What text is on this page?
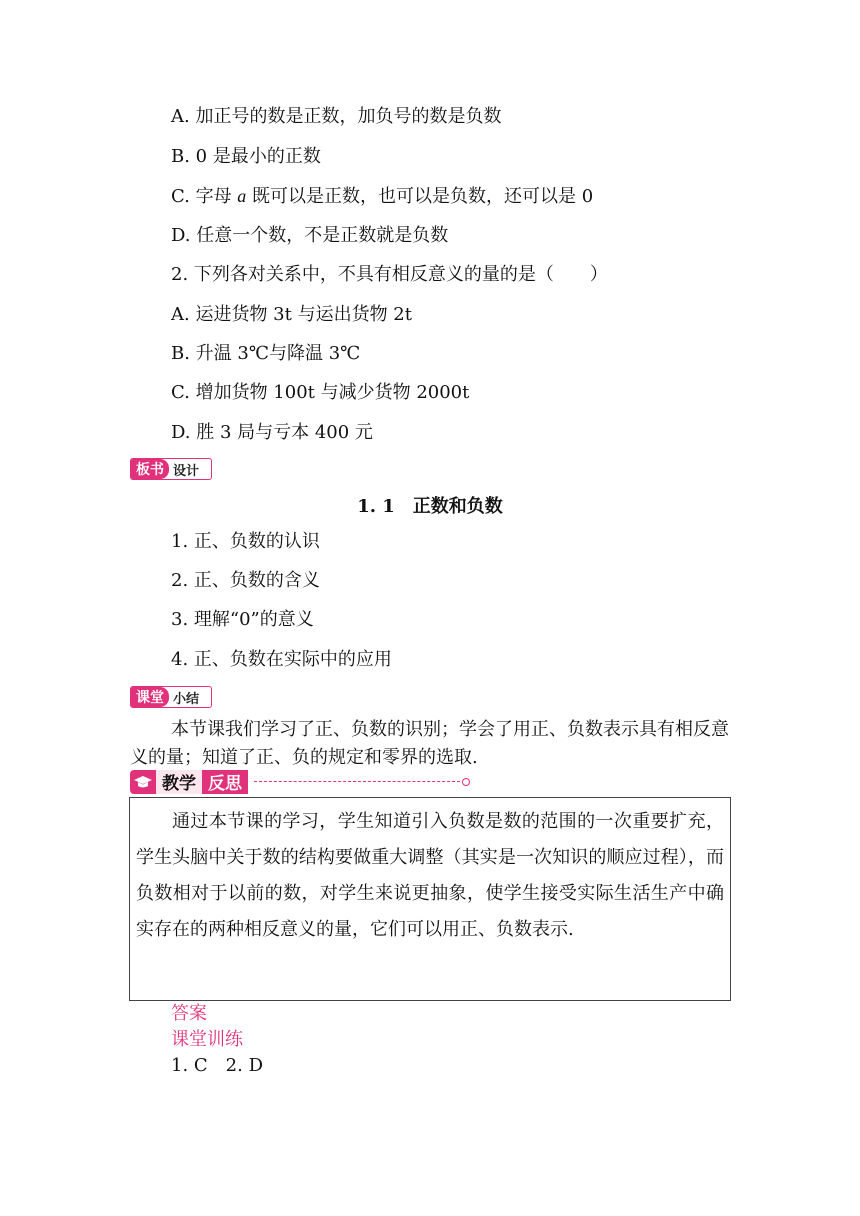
A. 加正号的数是正数，加负号的数是负数
B. 0 是最小的正数
C. 字母 a 既可以是正数，也可以是负数，还可以是 0
D. 任意一个数，不是正数就是负数
2. 下列各对关系中，不具有相反意义的量的是（　　）
A. 运进货物 3t 与运出货物 2t
B. 升温 3℃与降温 3℃
C. 增加货物 100t 与减少货物 2000t
D. 胜 3 局与亏本 400 元
板书 设计
1. 1　正数和负数
1. 正、负数的认识
2. 正、负数的含义
3. 理解“0”的意义
4. 正、负数在实际中的应用
课堂 小结
本节课我们学习了正、负数的识别；学会了用正、负数表示具有相反意义的量；知道了正、负的规定和零界的选取.
教学 反思
通过本节课的学习，学生知道引入负数是数的范围的一次重要扩充，学生头脑中关于数的结构要做重大调整（其实是一次知识的顺应过程），而负数相对于以前的数，对学生来说更抽象，使学生接受实际生活生产中确实存在的两种相反意义的量，它们可以用正、负数表示.
答案
课堂训练
1. C　2. D
